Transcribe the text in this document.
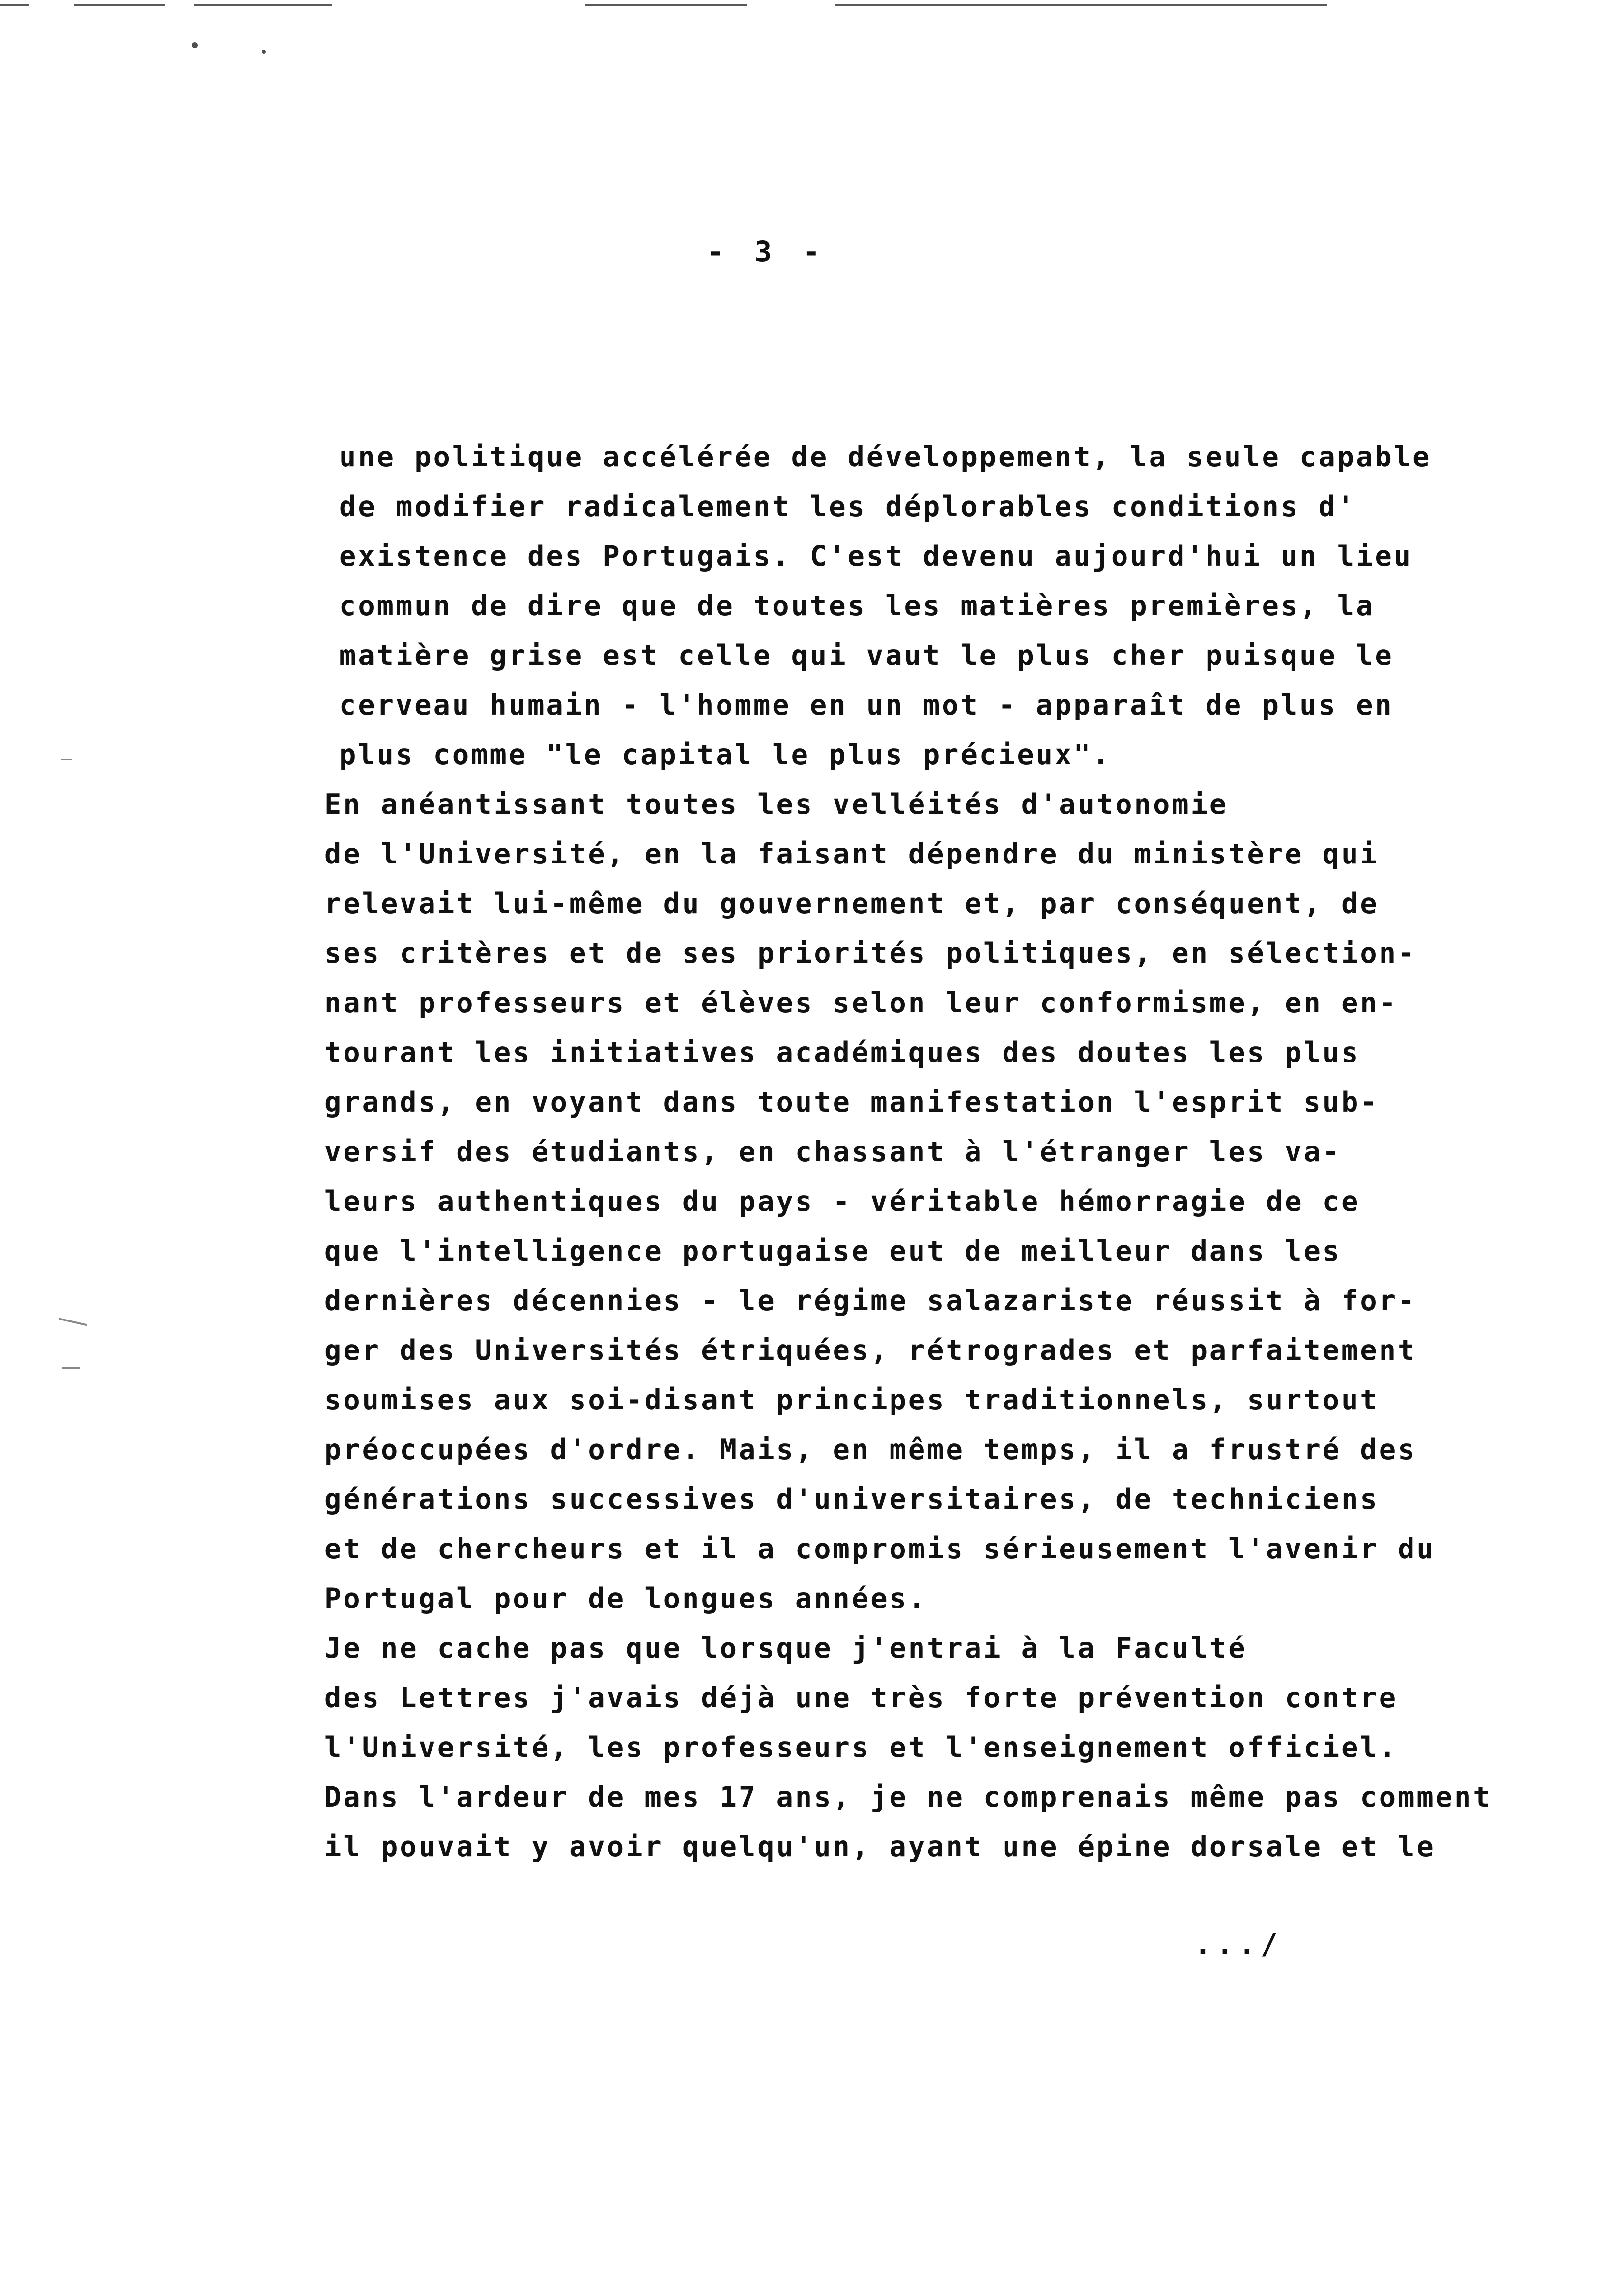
- 3 -

une politique accélérée de développement, la seule capable
de modifier radicalement les déplorables conditions d'
existence des Portugais. C'est devenu aujourd'hui un lieu
commun de dire que de toutes les matières premières, la
matière grise est celle qui vaut le plus cher puisque le
cerveau humain - l'homme en un mot - apparaît de plus en
plus comme "le capital le plus précieux".

En anéantissant toutes les velléités d'autonomie
de l'Université, en la faisant dépendre du ministère qui
relevait lui-même du gouvernement et, par conséquent, de
ses critères et de ses priorités politiques, en sélection-
nant professeurs et élèves selon leur conformisme, en en-
tourant les initiatives académiques des doutes les plus
grands, en voyant dans toute manifestation l'esprit sub-
versif des étudiants, en chassant à l'étranger les va-
leurs authentiques du pays - véritable hémorragie de ce
que l'intelligence portugaise eut de meilleur dans les
dernières décennies - le régime salazariste réussit à for-
ger des Universités étriquées, rétrogrades et parfaitement
soumises aux soi-disant principes traditionnels, surtout
préoccupées d'ordre. Mais, en même temps, il a frustré des
générations successives d'universitaires, de techniciens
et de chercheurs et il a compromis sérieusement l'avenir du
Portugal pour de longues années.

Je ne cache pas que lorsque j'entrai à la Faculté
des Lettres j'avais déjà une très forte prévention contre
l'Université, les professeurs et l'enseignement officiel.
Dans l'ardeur de mes 17 ans, je ne comprenais même pas comment
il pouvait y avoir quelqu'un, ayant une épine dorsale et le

.../
